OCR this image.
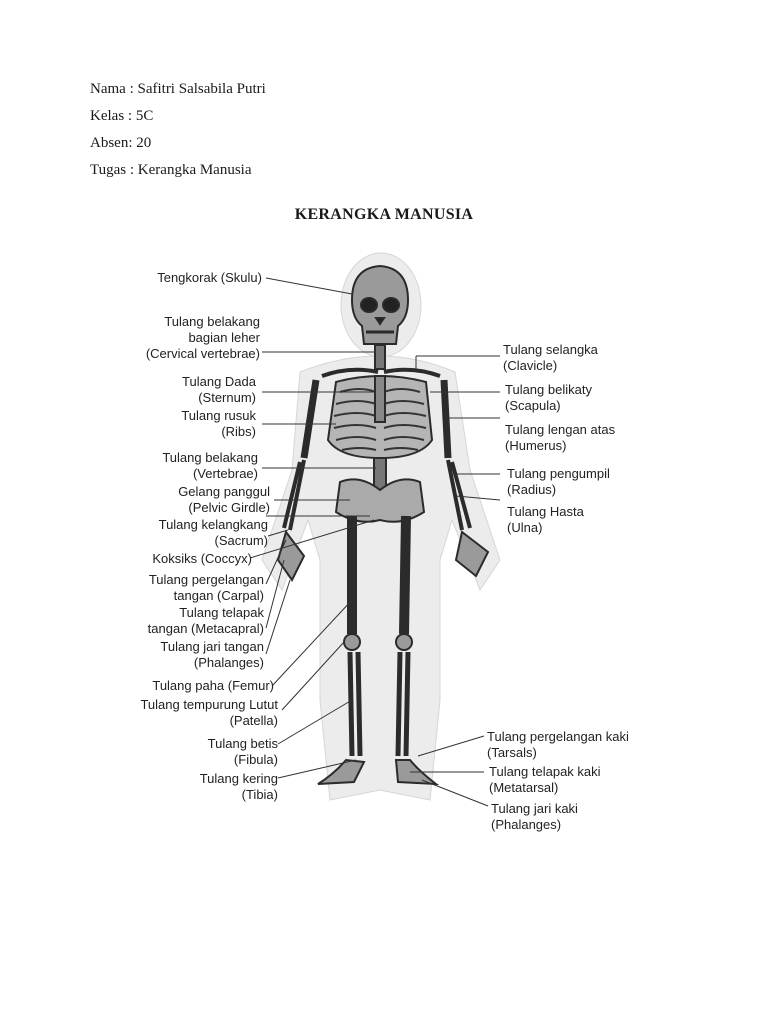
Nama : Safitri Salsabila Putri
Kelas : 5C
Absen: 20
Tugas : Kerangka Manusia
KERANGKA MANUSIA
Tengkorak (Skulu)
Tulang belakang
bagian leher
(Cervical vertebrae)
Tulang Dada
(Sternum)
Tulang rusuk
(Ribs)
Tulang belakang
(Vertebrae)
Gelang panggul
(Pelvic Girdle)
Tulang kelangkang
(Sacrum)
Koksiks (Coccyx)
Tulang pergelangan
tangan (Carpal)
Tulang telapak
tangan (Metacapral)
Tulang jari tangan
(Phalanges)
Tulang paha (Femur)
Tulang tempurung Lutut
(Patella)
Tulang betis
(Fibula)
Tulang kering
(Tibia)
Tulang selangka
(Clavicle)
Tulang belikaty
(Scapula)
Tulang lengan atas
(Humerus)
Tulang pengumpil
(Radius)
Tulang Hasta
(Ulna)
Tulang pergelangan kaki
(Tarsals)
Tulang telapak kaki
(Metatarsal)
Tulang jari kaki
(Phalanges)
